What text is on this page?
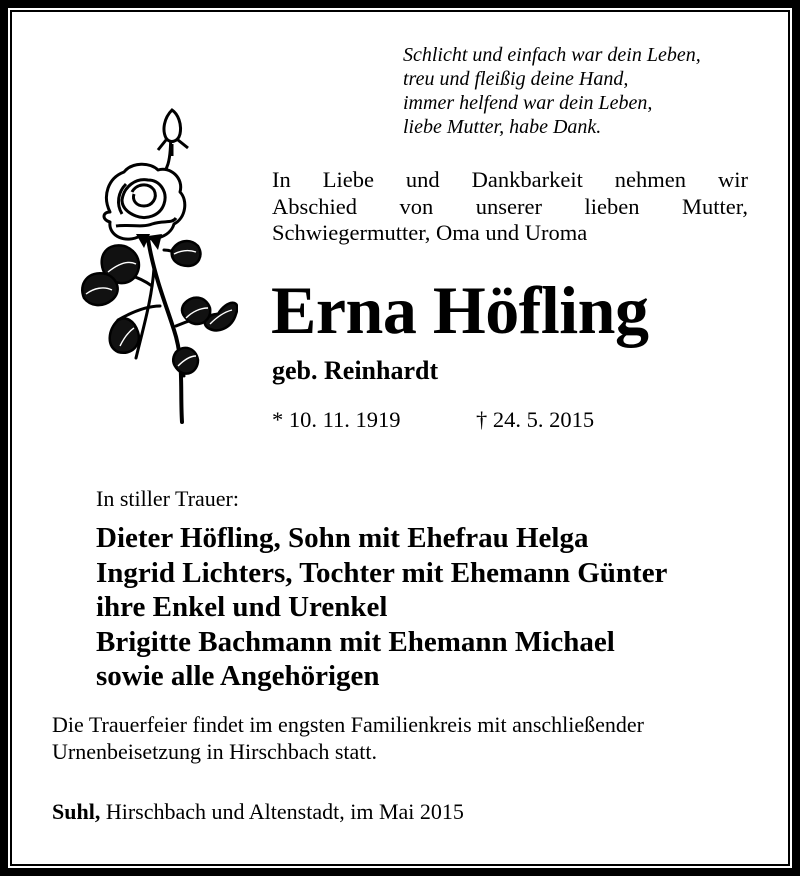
Schlicht und einfach war dein Leben,
treu und fleißig deine Hand,
immer helfend war dein Leben,
liebe Mutter, habe Dank.
In Liebe und Dankbarkeit nehmen wir
Abschied von unserer lieben Mutter,
Schwiegermutter, Oma und Uroma
Erna Höfling
geb. Reinhardt
* 10. 11. 1919	† 24. 5. 2015
In stiller Trauer:
Dieter Höfling, Sohn mit Ehefrau Helga
Ingrid Lichters, Tochter mit Ehemann Günter
ihre Enkel und Urenkel
Brigitte Bachmann mit Ehemann Michael
sowie alle Angehörigen
Die Trauerfeier findet im engsten Familienkreis mit anschließender
Urnenbeisetzung in Hirschbach statt.
Suhl, Hirschbach und Altenstadt, im Mai 2015
